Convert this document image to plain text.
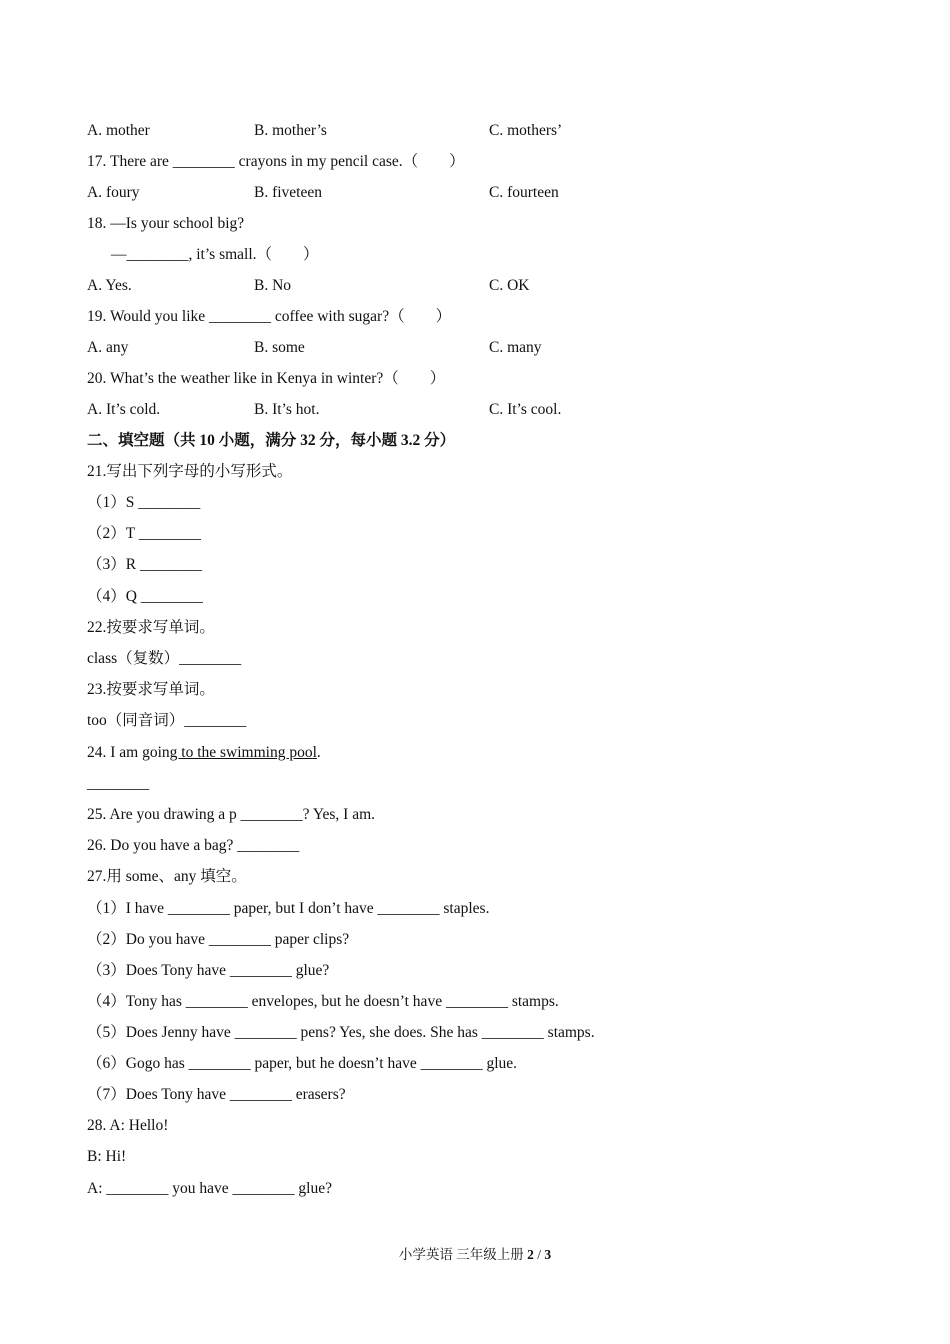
A. mother	B. mother’s	C. mothers’
17. There are ________ crayons in my pencil case.（　　）
A. foury	B. fiveteen	C. fourteen
18. —Is your school big?
—________, it’s small.（　　）
A. Yes.	B. No	C. OK
19. Would you like ________ coffee with sugar?（　　）
A. any	B. some	C. many
20. What’s the weather like in Kenya in winter?（　　）
A. It’s cold.	B. It’s hot.	C. It’s cool.
二、填空题（共 10 小题，满分 32 分，每小题 3.2 分）
21.写出下列字母的小写形式。
（1）S ________
（2）T ________
（3）R ________
（4）Q ________
22.按要求写单词。
class（复数）________
23.按要求写单词。
too（同音词）________
24. I am going to the swimming pool.
________
25. Are you drawing a p ________? Yes, I am.
26. Do you have a bag? ________
27.用 some、any 填空。
（1）I have ________ paper, but I don’t have ________ staples.
（2）Do you have ________ paper clips?
（3）Does Tony have ________ glue?
（4）Tony has ________ envelopes, but he doesn’t have ________ stamps.
（5）Does Jenny have ________ pens? Yes, she does. She has ________ stamps.
（6）Gogo has ________ paper, but he doesn’t have ________ glue.
（7）Does Tony have ________ erasers?
28. A: Hello!
B: Hi!
A: ________ you have ________ glue?
小学英语 三年级上册 2 / 3
